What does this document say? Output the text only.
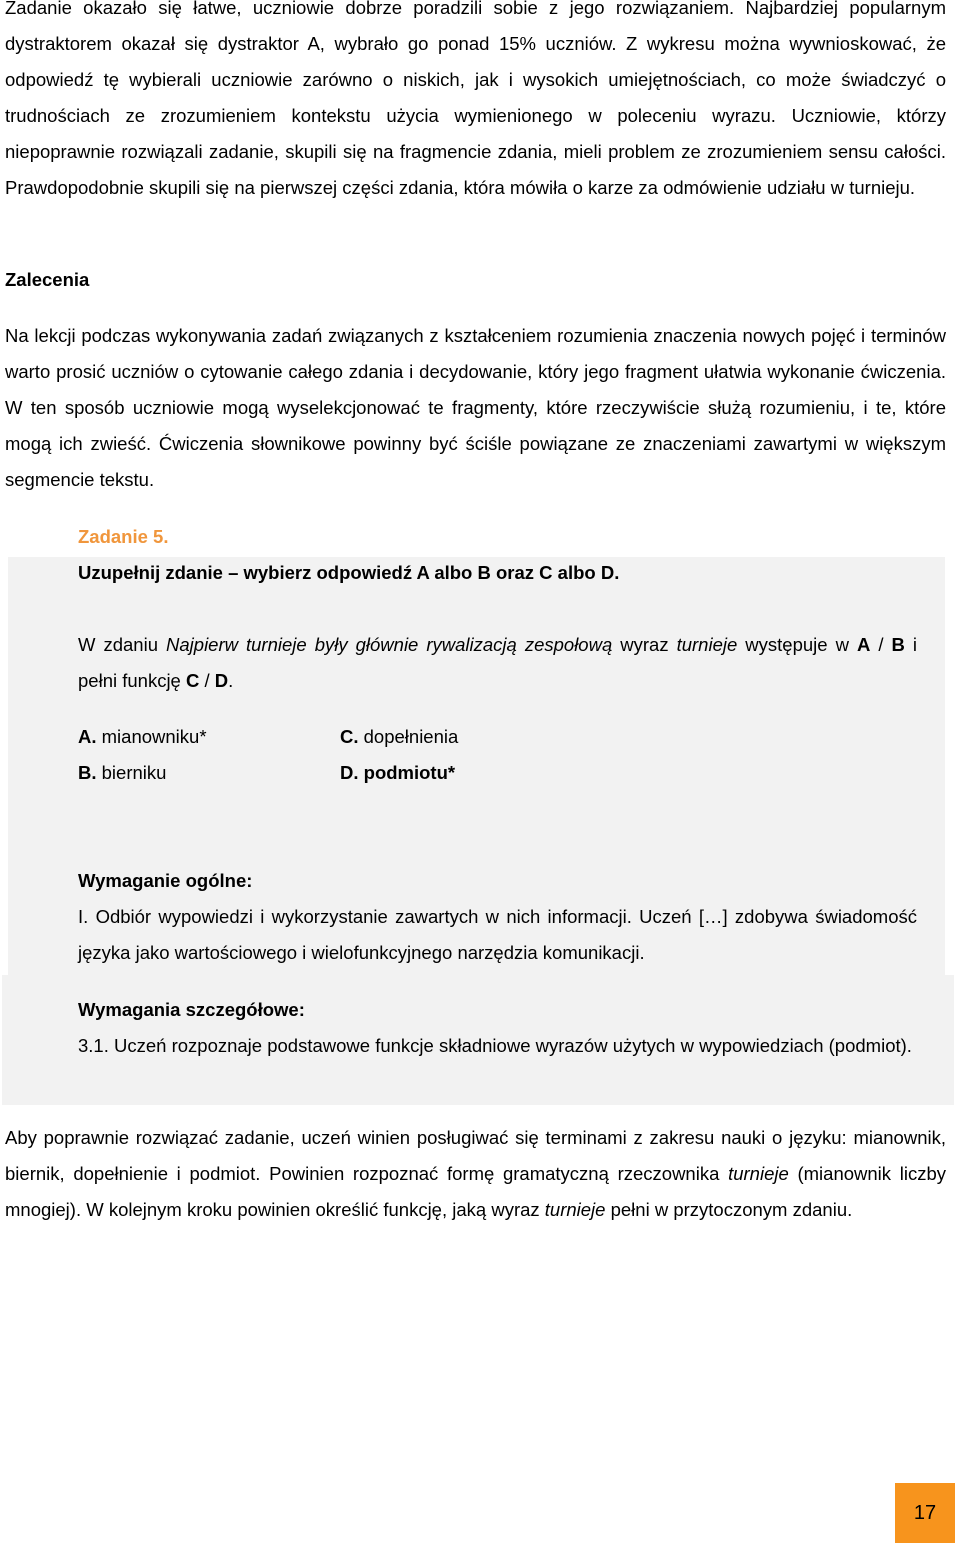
Zadanie okazało się łatwe, uczniowie dobrze poradzili sobie z jego rozwiązaniem. Najbardziej popularnym dystraktorem okazał się dystraktor A, wybrało go ponad 15% uczniów. Z wykresu można wywnioskować, że odpowiedź tę wybierali uczniowie zarówno o niskich, jak i wysokich umiejętnościach, co może świadczyć o trudnościach ze zrozumieniem kontekstu użycia wymienionego w poleceniu wyrazu. Uczniowie, którzy niepoprawnie rozwiązali zadanie, skupili się na fragmencie zdania, mieli problem ze zrozumieniem sensu całości. Prawdopodobnie skupili się na pierwszej części zdania, która mówiła o karze za odmówienie udziału w turnieju.

Zalecenia

Na lekcji podczas wykonywania zadań związanych z kształceniem rozumienia znaczenia nowych pojęć i terminów warto prosić uczniów o cytowanie całego zdania i decydowanie, który jego fragment ułatwia wykonanie ćwiczenia. W ten sposób uczniowie mogą wyselekcjonować te fragmenty, które rzeczywiście służą rozumieniu, i te, które mogą ich zwieść. Ćwiczenia słownikowe powinny być ściśle powiązane ze znaczeniami zawartymi w większym segmencie tekstu.

Zadanie 5.

Uzupełnij zdanie – wybierz odpowiedź A albo B oraz C albo D.

W zdaniu Najpierw turnieje były głównie rywalizacją zespołową wyraz turnieje występuje w A / B i pełni funkcję C / D.

A. mianowniku*

B. bierniku

C. dopełnienia

D. podmiotu*

Wymaganie ogólne:

I. Odbiór wypowiedzi i wykorzystanie zawartych w nich informacji. Uczeń […] zdobywa świadomość języka jako wartościowego i wielofunkcyjnego narzędzia komunikacji.

Wymagania szczegółowe:

3.1. Uczeń rozpoznaje podstawowe funkcje składniowe wyrazów użytych w wypowiedziach (podmiot).

Aby poprawnie rozwiązać zadanie, uczeń winien posługiwać się terminami z zakresu nauki o języku: mianownik, biernik, dopełnienie i podmiot. Powinien rozpoznać formę gramatyczną rzeczownika turnieje (mianownik liczby mnogiej). W kolejnym kroku powinien określić funkcję, jaką wyraz turnieje pełni w przytoczonym zdaniu.

17
